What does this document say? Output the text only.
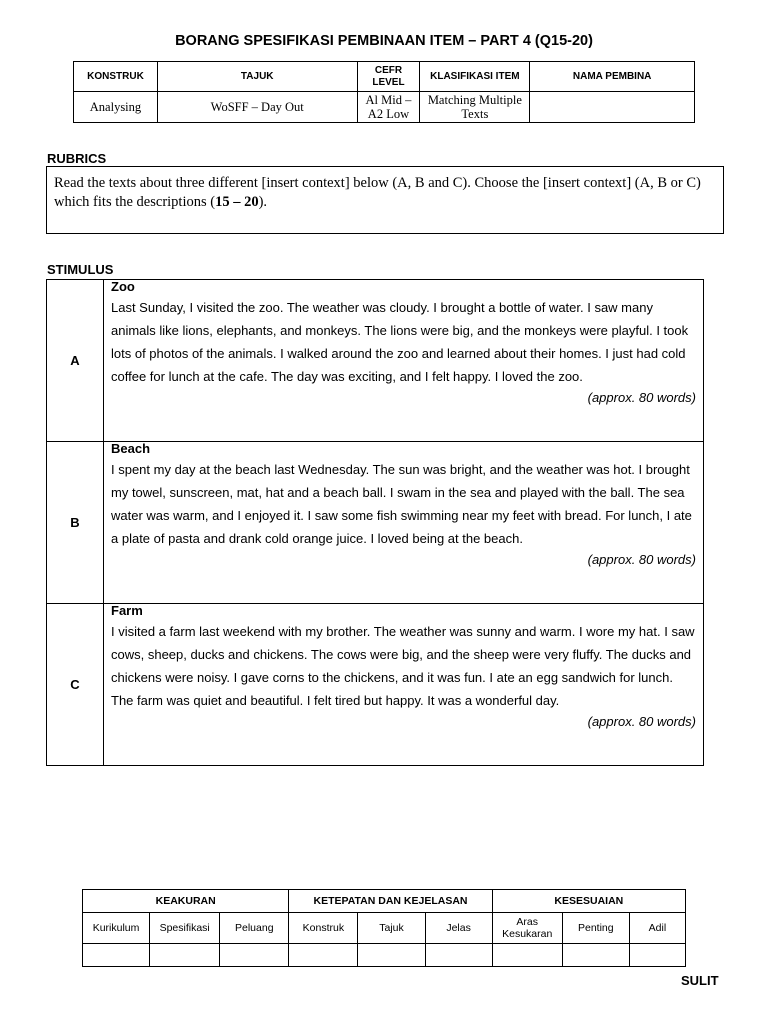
BORANG SPESIFIKASI PEMBINAAN ITEM – PART 4 (Q15-20)
KONSTRUK	TAJUK	CEFR LEVEL	KLASIFIKASI ITEM	NAMA PEMBINA
Analysing	WoSFF – Day Out	Al Mid – A2 Low	Matching Multiple Texts	
RUBRICS
Read the texts about three different [insert context] below (A, B and C). Choose the [insert context] (A, B or C) which fits the descriptions (15 – 20).
STIMULUS
A	Zoo
Last Sunday, I visited the zoo. The weather was cloudy. I brought a bottle of water. I saw many animals like lions, elephants, and monkeys. The lions were big, and the monkeys were playful. I took lots of photos of the animals. I walked around the zoo and learned about their homes. I just had cold coffee for lunch at the cafe. The day was exciting, and I felt happy. I loved the zoo.
(approx. 80 words)

B	Beach
I spent my day at the beach last Wednesday. The sun was bright, and the weather was hot. I brought my towel, sunscreen, mat, hat and a beach ball. I swam in the sea and played with the ball. The sea water was warm, and I enjoyed it. I saw some fish swimming near my feet with bread. For lunch, I ate a plate of pasta and drank cold orange juice. I loved being at the beach.
(approx. 80 words)

C	Farm
I visited a farm last weekend with my brother. The weather was sunny and warm. I wore my hat. I saw cows, sheep, ducks and chickens. The cows were big, and the sheep were very fluffy. The ducks and chickens were noisy. I gave corns to the chickens, and it was fun. I ate an egg sandwich for lunch. The farm was quiet and beautiful. I felt tired but happy. It was a wonderful day.
(approx. 80 words)
KEAKURAN			KETEPATAN DAN KEJELASAN			KESESUAIAN		
Kurikulum	Spesifikasi	Peluang	Konstruk	Tajuk	Jelas	Aras Kesukaran	Penting	Adil

SULIT
